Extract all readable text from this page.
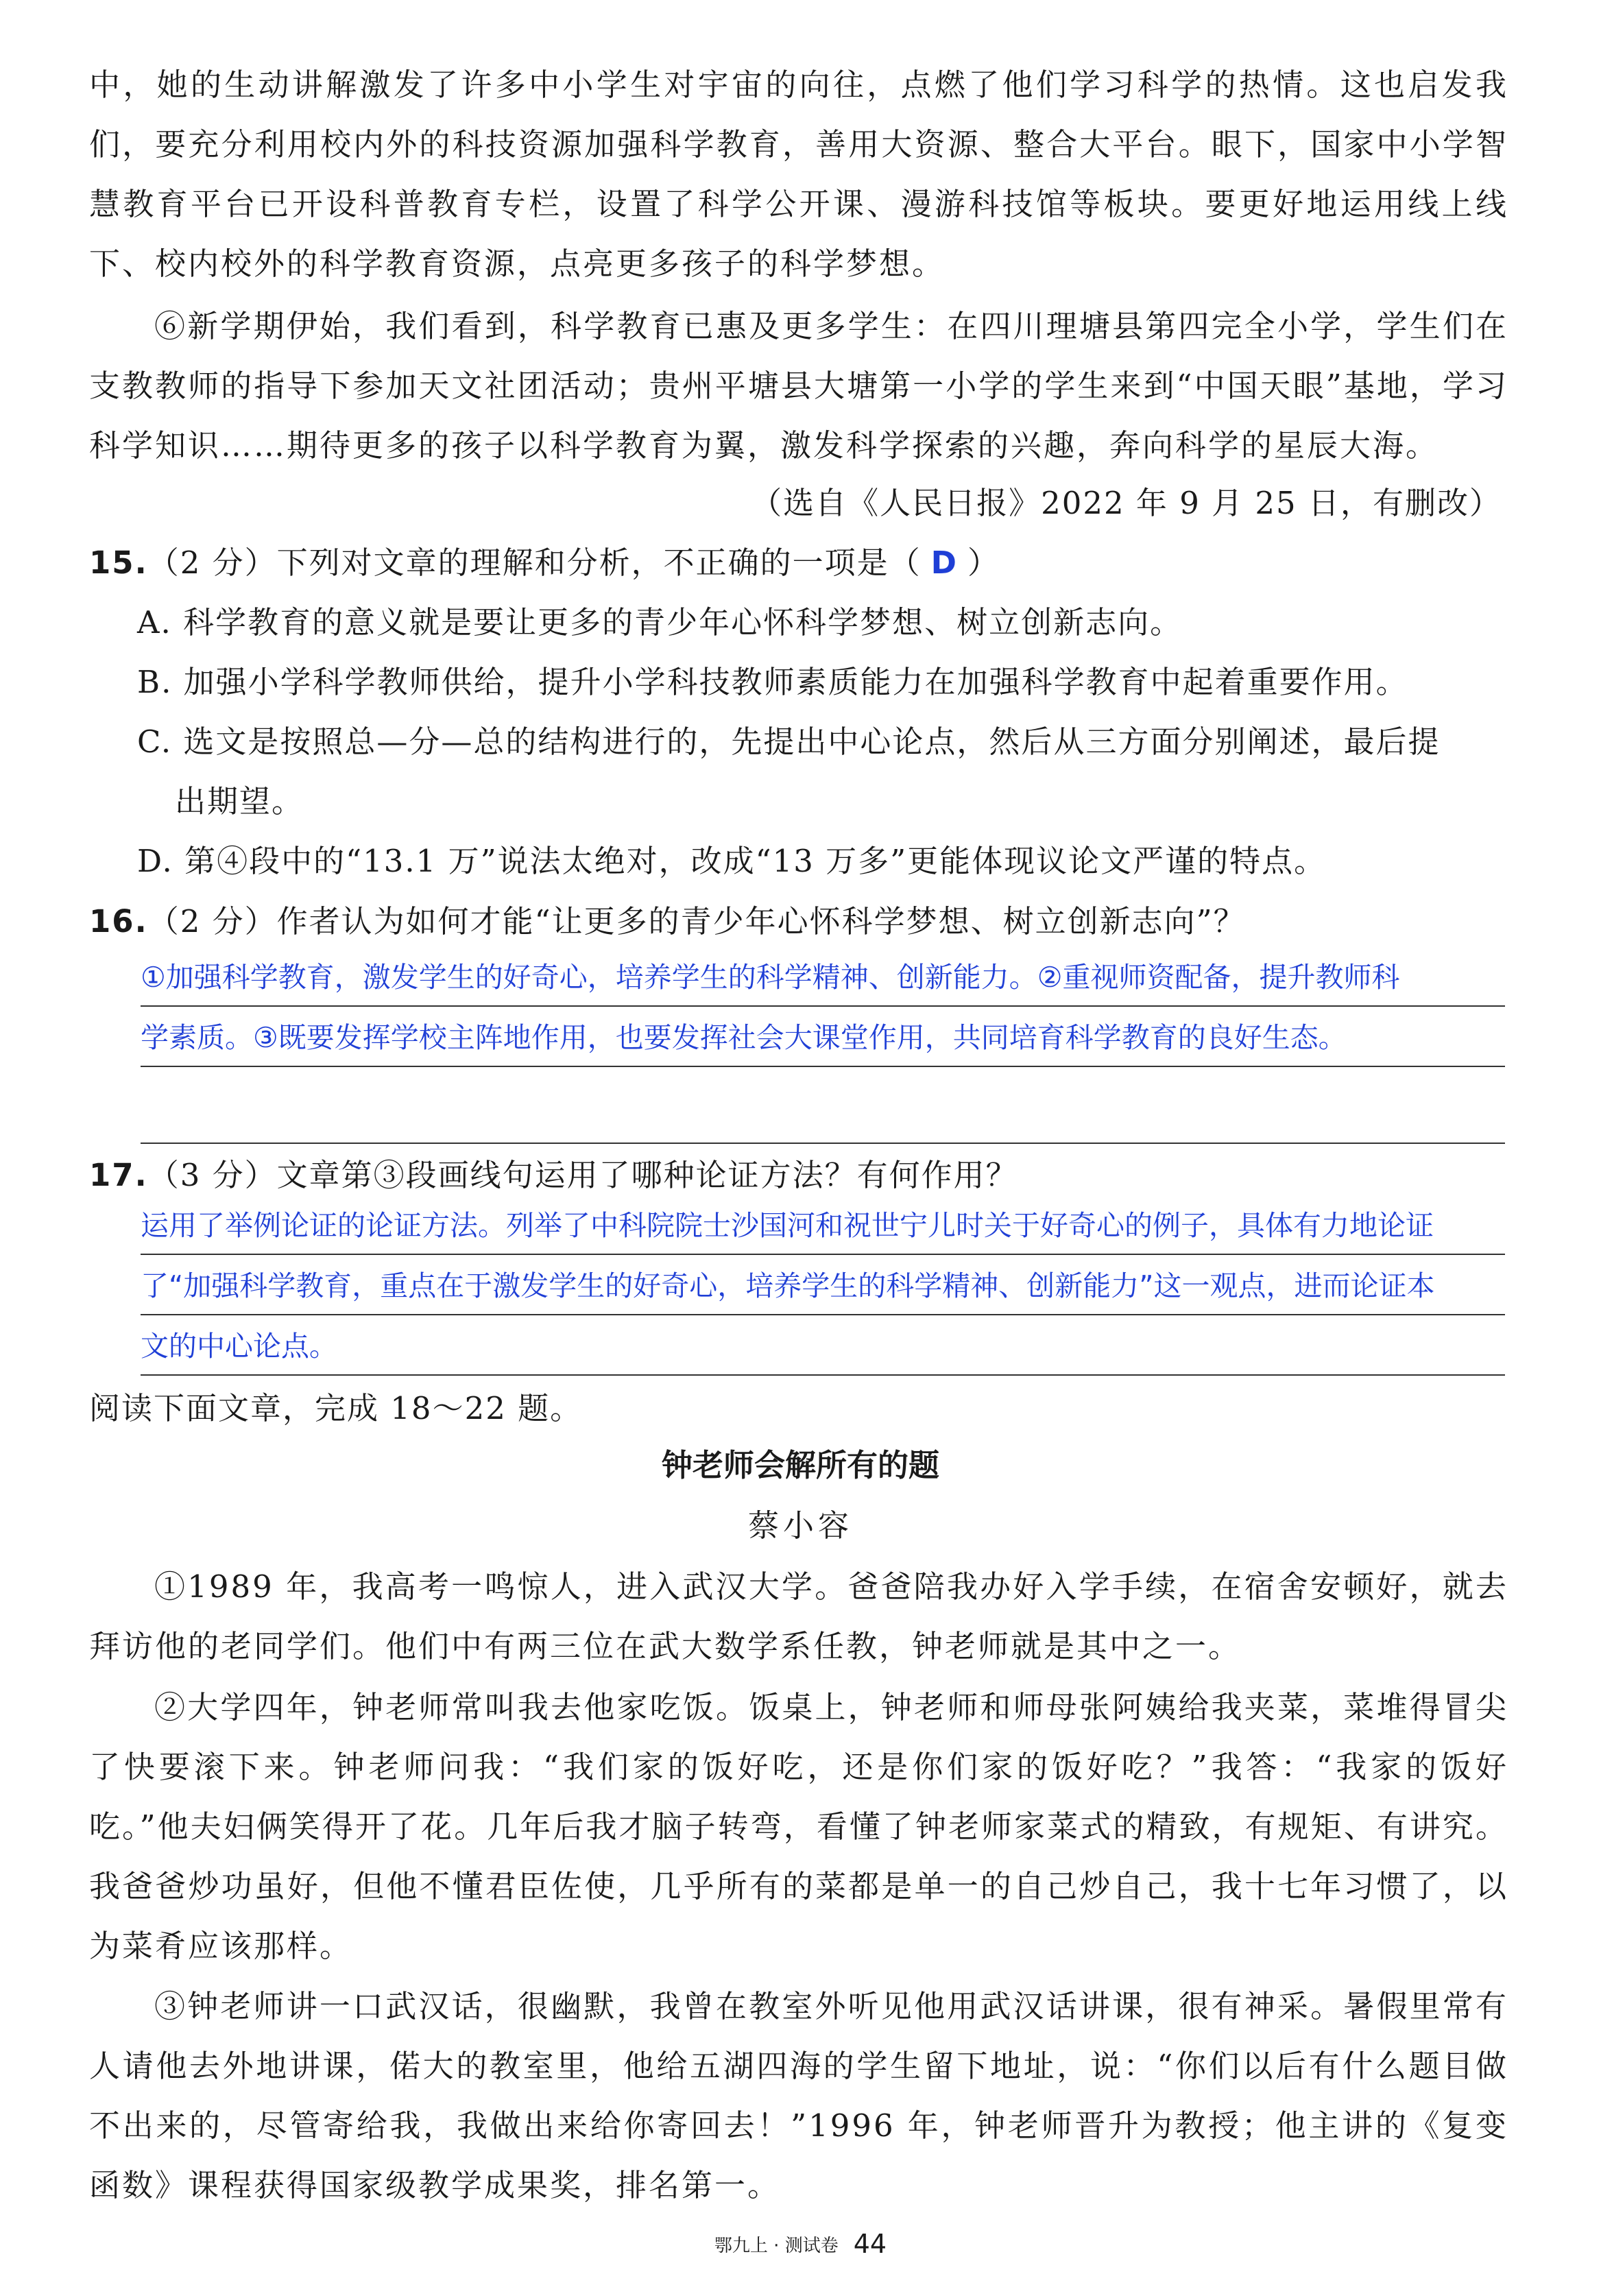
中，她的生动讲解激发了许多中小学生对宇宙的向往，点燃了他们学习科学的热情。这也启发我们，要充分利用校内外的科技资源加强科学教育，善用大资源、整合大平台。眼下，国家中小学智慧教育平台已开设科普教育专栏，设置了科学公开课、漫游科技馆等板块。要更好地运用线上线下、校内校外的科学教育资源，点亮更多孩子的科学梦想。

⑥新学期伊始，我们看到，科学教育已惠及更多学生：在四川理塘县第四完全小学，学生们在支教教师的指导下参加天文社团活动；贵州平塘县大塘第一小学的学生来到“中国天眼”基地，学习科学知识……期待更多的孩子以科学教育为翼，激发科学探索的兴趣，奔向科学的星辰大海。

（选自《人民日报》2022 年 9 月 25 日，有删改）
15.（2 分）下列对文章的理解和分析，不正确的一项是（ D ）
A. 科学教育的意义就是要让更多的青少年心怀科学梦想、树立创新志向。
B. 加强小学科学教师供给，提升小学科技教师素质能力在加强科学教育中起着重要作用。
C. 选文是按照总—分—总的结构进行的，先提出中心论点，然后从三方面分别阐述，最后提
出期望。
D. 第④段中的“13.1 万”说法太绝对，改成“13 万多”更能体现议论文严谨的特点。
16.（2 分）作者认为如何才能“让更多的青少年心怀科学梦想、树立创新志向”？
①加强科学教育，激发学生的好奇心，培养学生的科学精神、创新能力。②重视师资配备，提升教师科
学素质。③既要发挥学校主阵地作用，也要发挥社会大课堂作用，共同培育科学教育的良好生态。
17.（3 分）文章第③段画线句运用了哪种论证方法？有何作用？
运用了举例论证的论证方法。列举了中科院院士沙国河和祝世宁儿时关于好奇心的例子，具体有力地论证
了“加强科学教育，重点在于激发学生的好奇心，培养学生的科学精神、创新能力”这一观点，进而论证本
文的中心论点。
阅读下面文章，完成 18～22 题。
钟老师会解所有的题
蔡小容

①1989 年，我高考一鸣惊人，进入武汉大学。爸爸陪我办好入学手续，在宿舍安顿好，就去拜访他的老同学们。他们中有两三位在武大数学系任教，钟老师就是其中之一。

②大学四年，钟老师常叫我去他家吃饭。饭桌上，钟老师和师母张阿姨给我夹菜，菜堆得冒尖了快要滚下来。钟老师问我：“我们家的饭好吃，还是你们家的饭好吃？”我答：“我家的饭好吃。”他夫妇俩笑得开了花。几年后我才脑子转弯，看懂了钟老师家菜式的精致，有规矩、有讲究。我爸爸炒功虽好，但他不懂君臣佐使，几乎所有的菜都是单一的自己炒自己，我十七年习惯了，以为菜肴应该那样。

③钟老师讲一口武汉话，很幽默，我曾在教室外听见他用武汉话讲课，很有神采。暑假里常有人请他去外地讲课，偌大的教室里，他给五湖四海的学生留下地址，说：“你们以后有什么题目做不出来的，尽管寄给我，我做出来给你寄回去！”1996 年，钟老师晋升为教授；他主讲的《复变函数》课程获得国家级教学成果奖，排名第一。

鄂九上 · 测试卷 44
